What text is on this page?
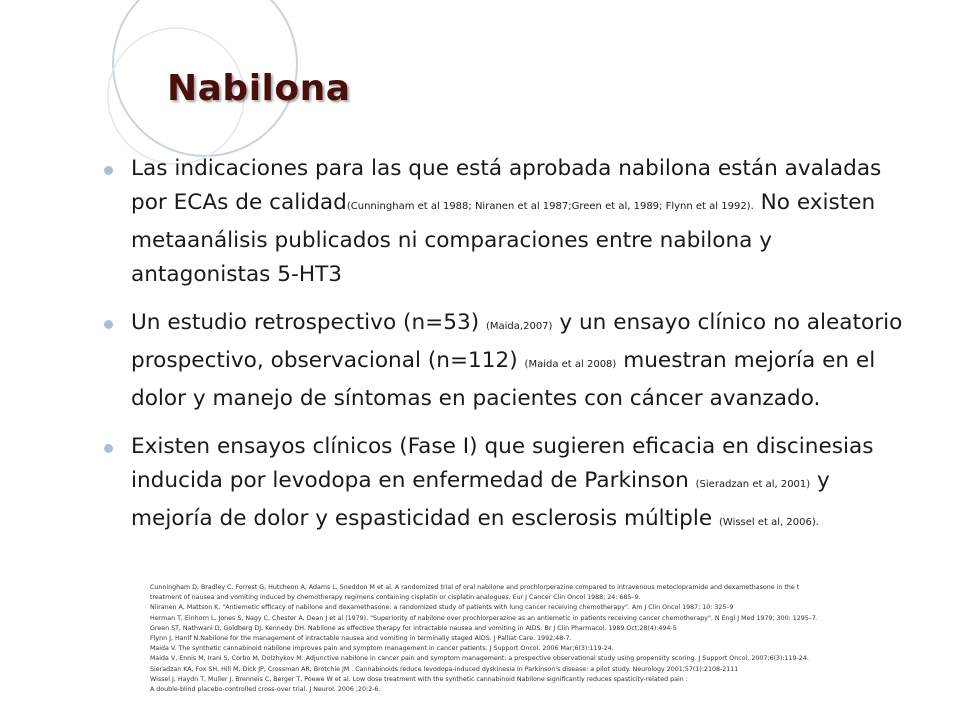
Nabilona
Las indicaciones para las que está aprobada nabilona están avaladas por ECAs de calidad(Cunningham et al 1988; Niranen et al 1987;Green et al, 1989; Flynn et al 1992). No existen metaanálisis publicados ni comparaciones entre nabilona y antagonistas 5-HT3
Un estudio retrospectivo (n=53) (Maida,2007) y un ensayo clínico no aleatorio prospectivo, observacional (n=112) (Maida et al 2008) muestran mejoría en el dolor y manejo de síntomas en pacientes con cáncer avanzado.
Existen ensayos clínicos (Fase I) que sugieren eficacia en discinesias inducida por levodopa en enfermedad de Parkinson (Sieradzan et al, 2001) y mejoría de dolor y espasticidad en esclerosis múltiple (Wissel et al, 2006).
Cunningham D, Bradley C, Forrest G, Hutcheon A, Adams L, Sneddon M et al. A randomized trial of oral nabilone and prochlorperazine compared to intravenous metoclopramide and dexamethasone in the t
treatment of nausea and vomiting induced by chemotherapy regimens containing cisplatin or cisplatin analogues. Eur J Cancer Clin Oncol 1988; 24: 685–9.
Niiranen A, Mattson K. "Antiemetic efficacy of nabilone and dexamethasone: a randomized study of patients with lung cancer receiving chemotherapy". Am J Clin Oncol 1987; 10: 325–9
Herman T, Einhorn L, Jones S, Nagy C, Chester A, Dean J et al (1979). "Superiority of nabilone over prochlorperazine as an antiemetic in patients receiving cancer chemotherapy". N Engl J Med 1979; 300: 1295–7.
Green ST, Nathwani D, Goldberg DJ, Kennedy DH. Nabilone as effective therapy for intractable nausea and vomiting in AIDS. Br J Clin Pharmacol. 1989 Oct;28(4):494-5
Flynn J, Hanif N.Nabilone for the management of intractable nausea and vomiting in terminally staged AIDS. J Palliat Care. 1992;48-7.
Maida V. The synthetic cannabinoid nabilone improves pain and symptom management in cancer patients. J Support Oncol. 2006 Mar;6(3):119-24.
Maida V, Ennis M, Irani S, Corbo M, Dolzhykov M. Adjunctive nabilone in cancer pain and symptom management: a prospective observational study using propensity scoring. J Support Oncol. 2007;6(3):119-24.
Sieradzan KA, Fox SH, Hill M, Dick JP, Crossman AR, Brotchie JM . Cannabinoids reduce levodopa-induced dyskinesia in Parkinson's disease: a pilot study. Neurology 2001;57(1):2108-2111
Wissel J, Haydn T, Muller J, Brenneis C, Berger T, Poewe W et al. Low dose treatment with the synthetic cannabinoid Nabilone significantly reduces spasticity-related pain :
A double-blind placebo-controlled cross-over trial. J Neurol. 2006 ;20:2-6.
